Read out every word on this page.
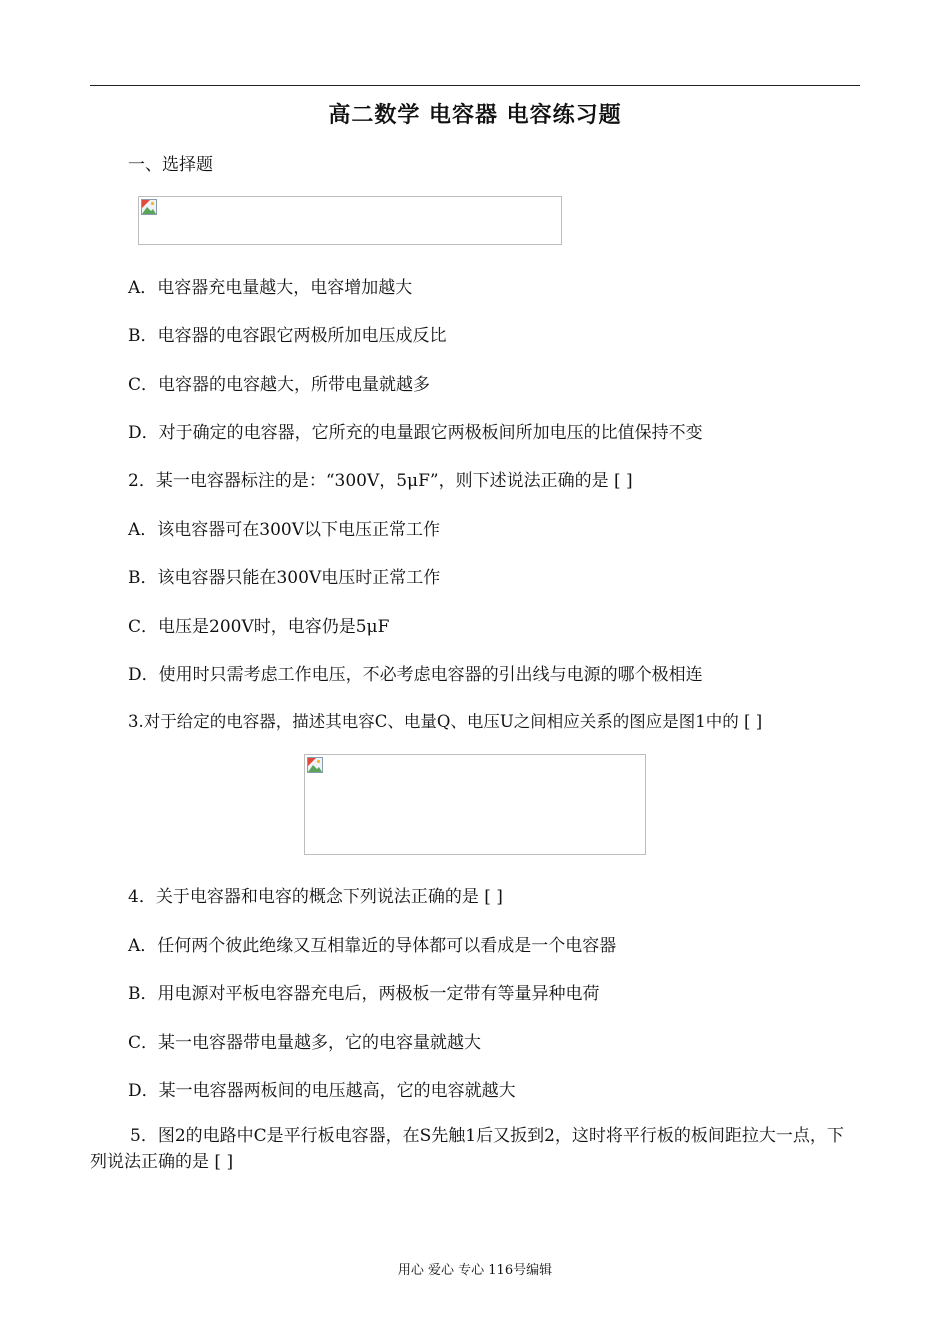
高二数学 电容器 电容练习题
一、选择题
A．电容器充电量越大，电容增加越大
B．电容器的电容跟它两极所加电压成反比
C．电容器的电容越大，所带电量就越多
D．对于确定的电容器，它所充的电量跟它两极板间所加电压的比值保持不变
2．某一电容器标注的是：“300V，5μF”，则下述说法正确的是 [ ]
A．该电容器可在300V以下电压正常工作
B．该电容器只能在300V电压时正常工作
C．电压是200V时，电容仍是5μF
D．使用时只需考虑工作电压，不必考虑电容器的引出线与电源的哪个极相连
3.对于给定的电容器，描述其电容C、电量Q、电压U之间相应关系的图应是图1中的 [ ]
4．关于电容器和电容的概念下列说法正确的是 [ ]
A．任何两个彼此绝缘又互相靠近的导体都可以看成是一个电容器
B．用电源对平板电容器充电后，两极板一定带有等量异种电荷
C．某一电容器带电量越多，它的电容量就越大
D．某一电容器两板间的电压越高，它的电容就越大
5．图2的电路中C是平行板电容器，在S先触1后又扳到2，这时将平行板的板间距拉大一点，下列说法正确的是 [ ]
用心 爱心 专心 116号编辑
